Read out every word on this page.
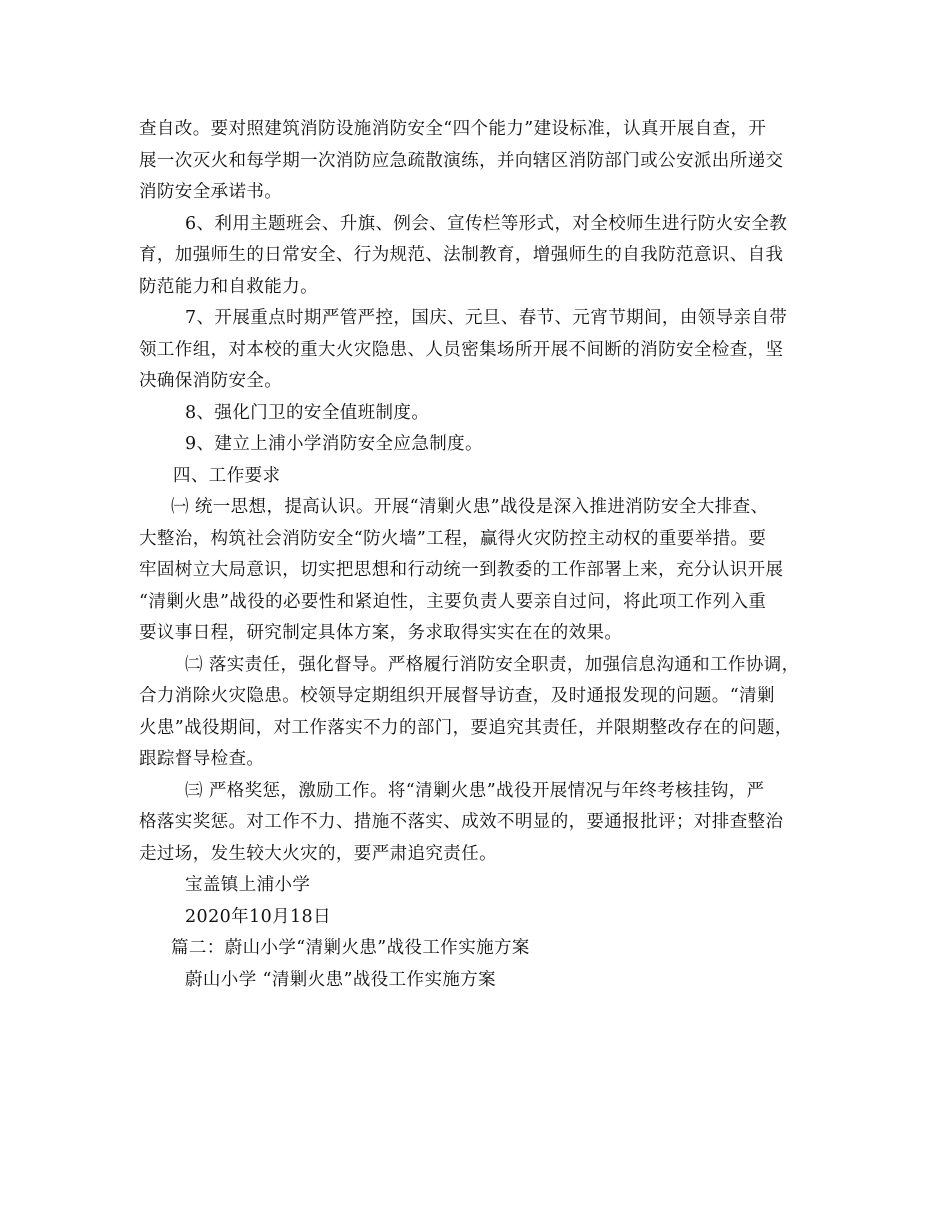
查自改。要对照建筑消防设施消防安全“四个能力”建设标准，认真开展自查，开
展一次灭火和每学期一次消防应急疏散演练，并向辖区消防部门或公安派出所递交
消防安全承诺书。
6、利用主题班会、升旗、例会、宣传栏等形式，对全校师生进行防火安全教
育，加强师生的日常安全、行为规范、法制教育，增强师生的自我防范意识、自我
防范能力和自救能力。
7、开展重点时期严管严控，国庆、元旦、春节、元宵节期间，由领导亲自带
领工作组，对本校的重大火灾隐患、人员密集场所开展不间断的消防安全检查，坚
决确保消防安全。
8、强化门卫的安全值班制度。
9、建立上浦小学消防安全应急制度。
四、工作要求
㈠ 统一思想，提高认识。开展“清剿火患”战役是深入推进消防安全大排查、
大整治，构筑社会消防安全“防火墙”工程，赢得火灾防控主动权的重要举措。要
牢固树立大局意识，切实把思想和行动统一到教委的工作部署上来，充分认识开展
“清剿火患”战役的必要性和紧迫性，主要负责人要亲自过问，将此项工作列入重
要议事日程，研究制定具体方案，务求取得实实在在的效果。
㈡ 落实责任，强化督导。严格履行消防安全职责，加强信息沟通和工作协调，
合力消除火灾隐患。校领导定期组织开展督导访查，及时通报发现的问题。“清剿
火患”战役期间，对工作落实不力的部门，要追究其责任，并限期整改存在的问题，
跟踪督导检查。
㈢ 严格奖惩，激励工作。将“清剿火患”战役开展情况与年终考核挂钩，严
格落实奖惩。对工作不力、措施不落实、成效不明显的，要通报批评；对排查整治
走过场，发生较大火灾的，要严肃追究责任。
宝盖镇上浦小学
2020年10月18日
篇二：蔚山小学“清剿火患”战役工作实施方案
蔚山小学 “清剿火患”战役工作实施方案
